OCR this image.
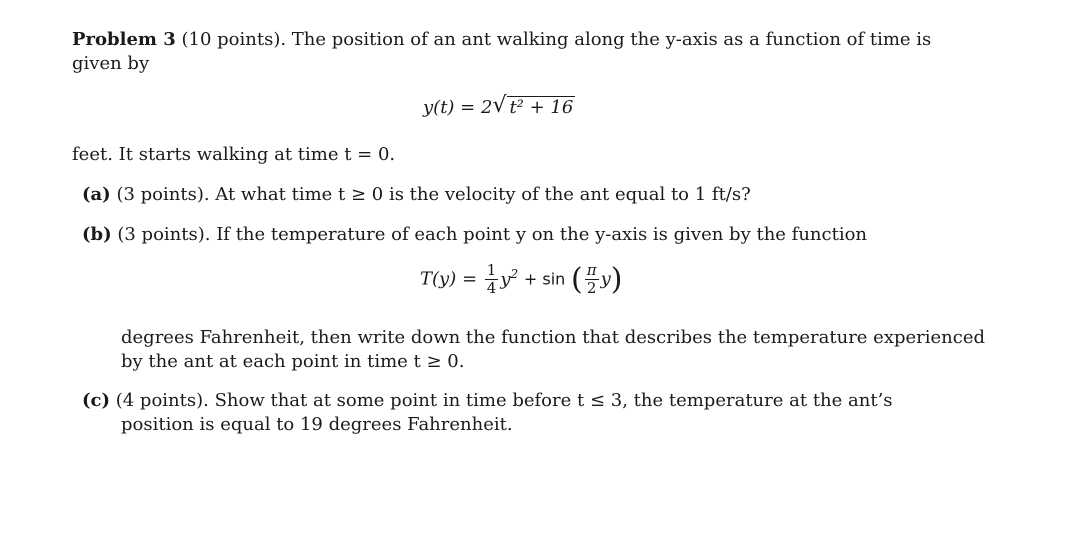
Problem 3 (10 points). The position of an ant walking along the y-axis as a function of time is
given by
y(t) = 2 √ t² + 16
feet. It starts walking at time t = 0.
(a) (3 points). At what time t ≥ 0 is the velocity of the ant equal to 1 ft/s?
(b) (3 points). If the temperature of each point y on the y-axis is given by the function
$T(y) = \frac{1}{4} y^2 + \sin$ ( $\frac{\pi}{2} y$)
degrees Fahrenheit, then write down the function that describes the temperature experienced
by the ant at each point in time t ≥ 0.
(c) (4 points). Show that at some point in time before t ≤ 3, the temperature at the ant’s
position is equal to 19 degrees Fahrenheit.
